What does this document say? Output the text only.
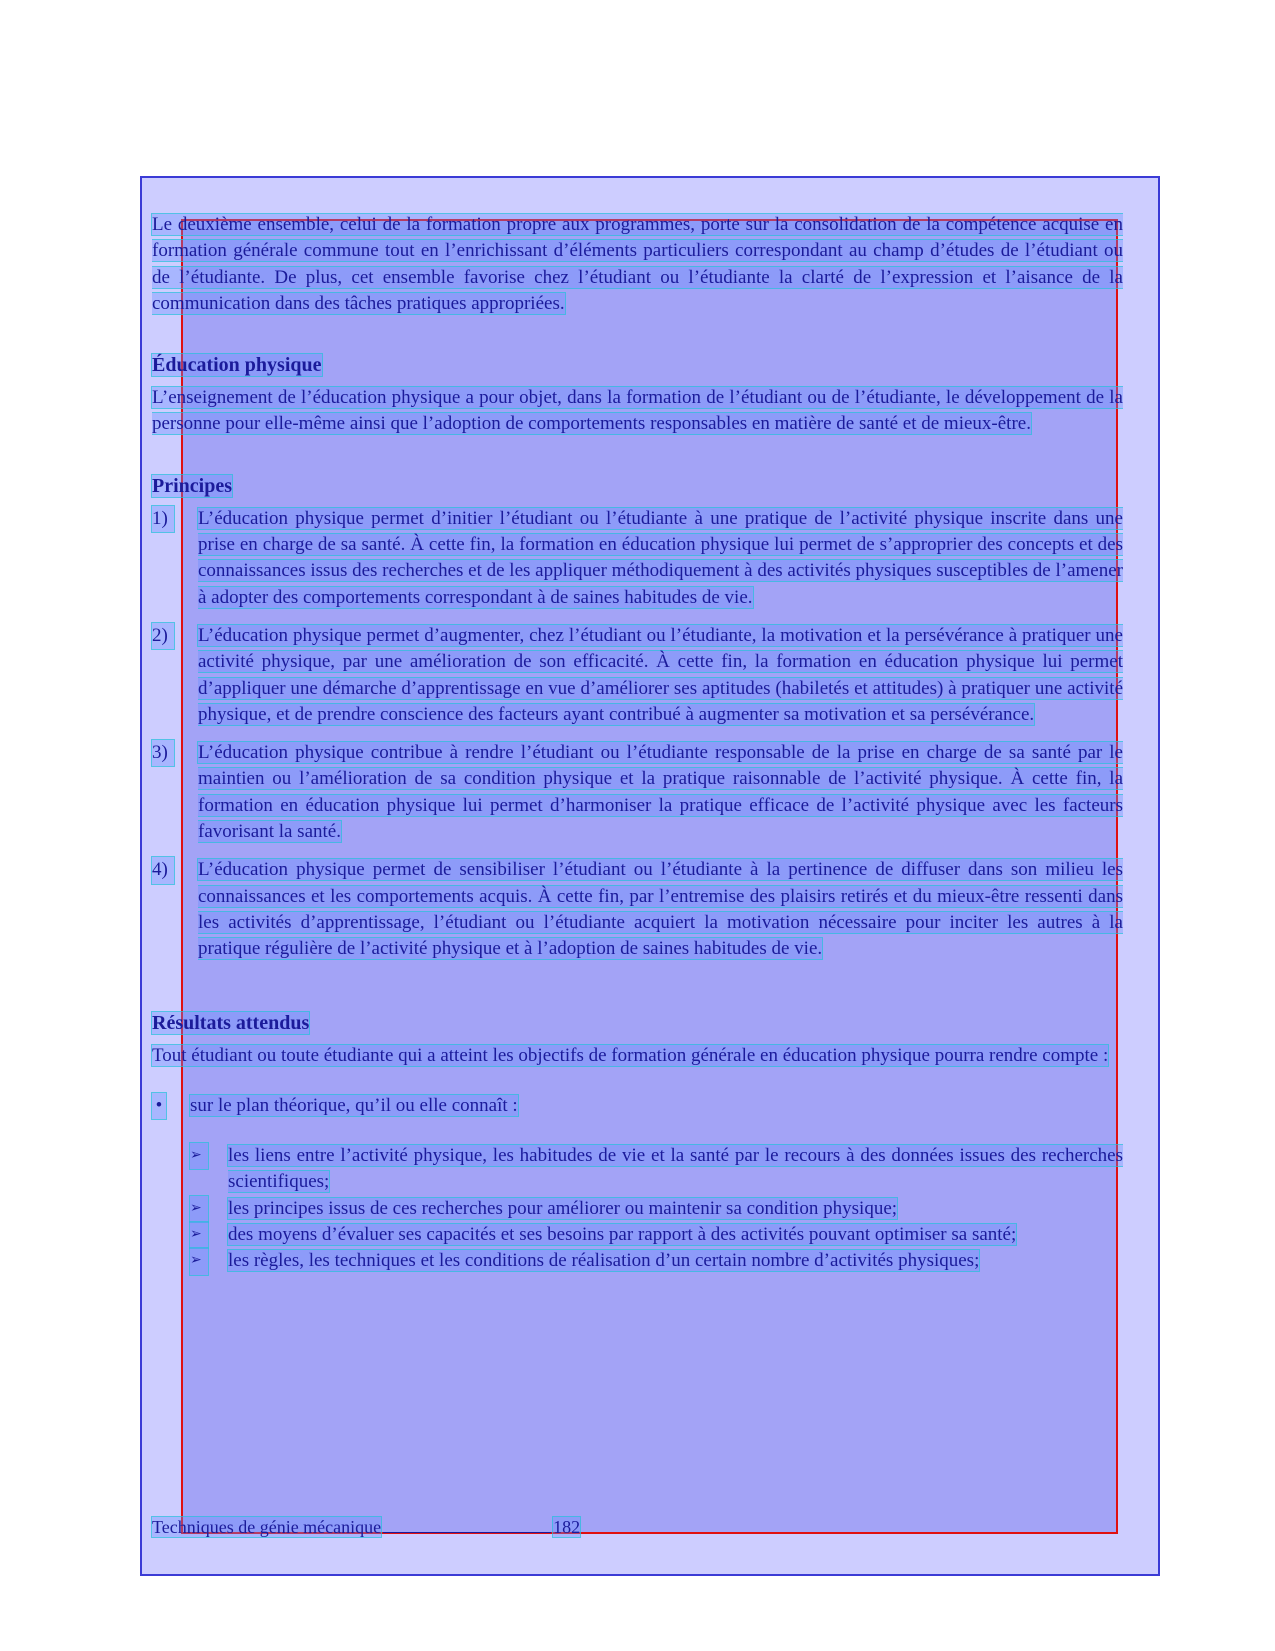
Le deuxième ensemble, celui de la formation propre aux programmes, porte sur la consolidation de la compétence acquise en formation générale commune tout en l’enrichissant d’éléments particuliers correspondant au champ d’études de l’étudiant ou de l’étudiante. De plus, cet ensemble favorise chez l’étudiant ou l’étudiante la clarté de l’expression et l’aisance de la communication dans des tâches pratiques appropriées.

Éducation physique

L’enseignement de l’éducation physique a pour objet, dans la formation de l’étudiant ou de l’étudiante, le développement de la personne pour elle-même ainsi que l’adoption de comportements responsables en matière de santé et de mieux-être.

Principes
1)	L’éducation physique permet d’initier l’étudiant ou l’étudiante à une pratique de l’activité physique inscrite dans une prise en charge de sa santé. À cette fin, la formation en éducation physique lui permet de s’approprier des concepts et des connaissances issus des recherches et de les appliquer méthodiquement à des activités physiques susceptibles de l’amener à adopter des comportements correspondant à de saines habitudes de vie.
2)	L’éducation physique permet d’augmenter, chez l’étudiant ou l’étudiante, la motivation et la persévérance à pratiquer une activité physique, par une amélioration de son efficacité. À cette fin, la formation en éducation physique lui permet d’appliquer une démarche d’apprentissage en vue d’améliorer ses aptitudes (habiletés et attitudes) à pratiquer une activité physique, et de prendre conscience des facteurs ayant contribué à augmenter sa motivation et sa persévérance.
3)	L’éducation physique contribue à rendre l’étudiant ou l’étudiante responsable de la prise en charge de sa santé par le maintien ou l’amélioration de sa condition physique et la pratique raisonnable de l’activité physique. À cette fin, la formation en éducation physique lui permet d’harmoniser la pratique efficace de l’activité physique avec les facteurs favorisant la santé.
4)	L’éducation physique permet de sensibiliser l’étudiant ou l’étudiante à la pertinence de diffuser dans son milieu les connaissances et les comportements acquis. À cette fin, par l’entremise des plaisirs retirés et du mieux-être ressenti dans les activités d’apprentissage, l’étudiant ou l’étudiante acquiert la motivation nécessaire pour inciter les autres à la pratique régulière de l’activité physique et à l’adoption de saines habitudes de vie.
Résultats attendus

Tout étudiant ou toute étudiante qui a atteint les objectifs de formation générale en éducation physique pourra rendre compte :

• sur le plan théorique, qu’il ou elle connaît :
➢	les liens entre l’activité physique, les habitudes de vie et la santé par le recours à des données issues des recherches scientifiques;
➢	les principes issus de ces recherches pour améliorer ou maintenir sa condition physique;
➢	des moyens d’évaluer ses capacités et ses besoins par rapport à des activités pouvant optimiser sa santé;
➢	les règles, les techniques et les conditions de réalisation d’un certain nombre d’activités physiques;
Techniques de génie mécanique	182
